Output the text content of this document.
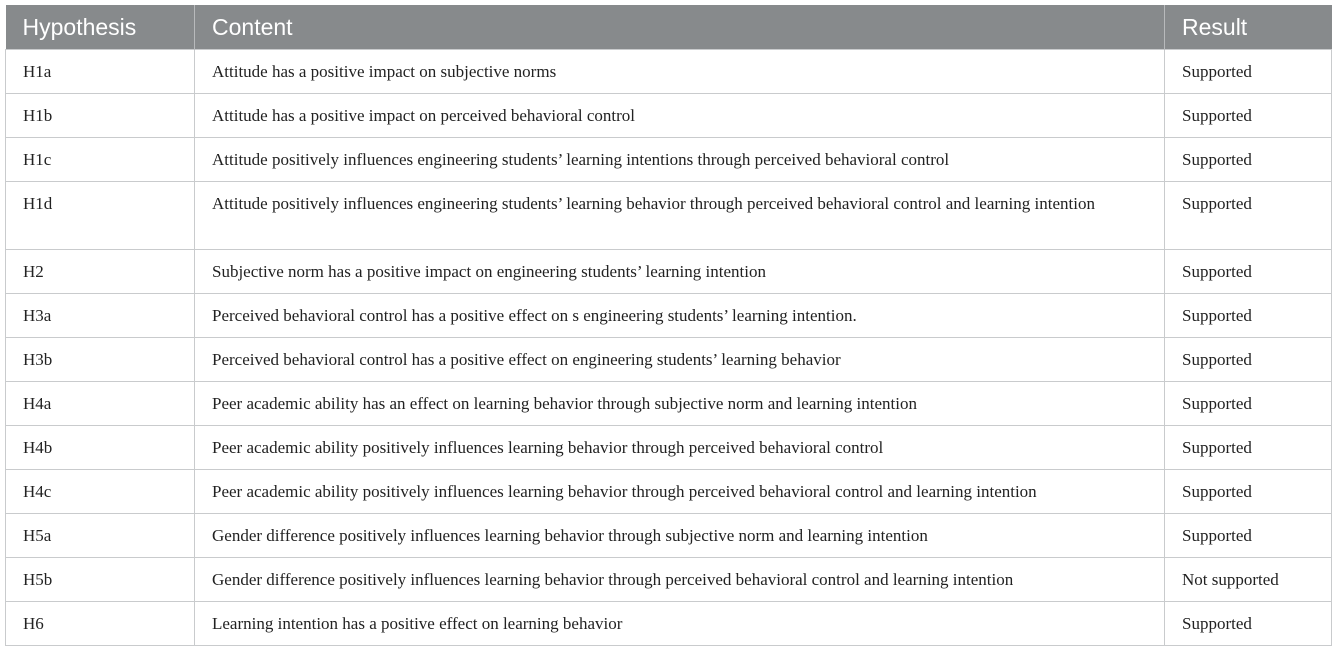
Hypothesis	Content	Result
H1a	Attitude has a positive impact on subjective norms	Supported
H1b	Attitude has a positive impact on perceived behavioral control	Supported
H1c	Attitude positively influences engineering students’ learning intentions through perceived behavioral control	Supported
H1d	Attitude positively influences engineering students’ learning behavior through perceived behavioral control and learning intention	Supported
H2	Subjective norm has a positive impact on engineering students’ learning intention	Supported
H3a	Perceived behavioral control has a positive effect on s engineering students’ learning intention.	Supported
H3b	Perceived behavioral control has a positive effect on engineering students’ learning behavior	Supported
H4a	Peer academic ability has an effect on learning behavior through subjective norm and learning intention	Supported
H4b	Peer academic ability positively influences learning behavior through perceived behavioral control	Supported
H4c	Peer academic ability positively influences learning behavior through perceived behavioral control and learning intention	Supported
H5a	Gender difference positively influences learning behavior through subjective norm and learning intention	Supported
H5b	Gender difference positively influences learning behavior through perceived behavioral control and learning intention	Not supported
H6	Learning intention has a positive effect on learning behavior	Supported
